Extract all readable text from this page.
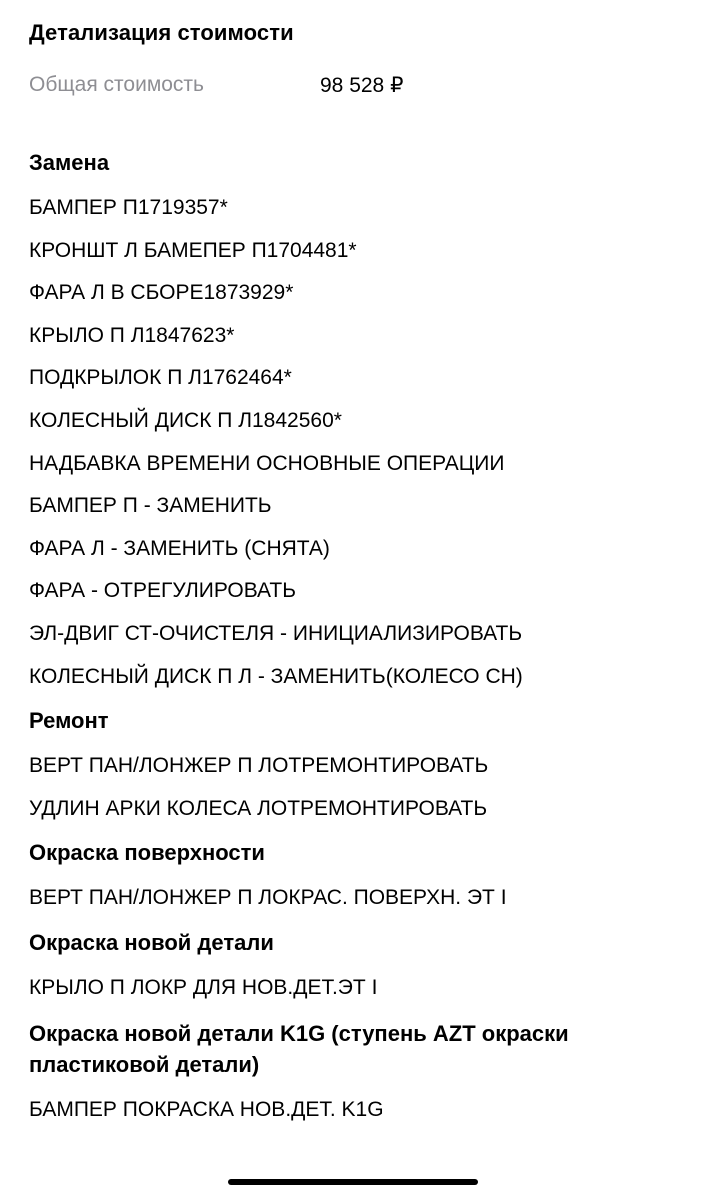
Детализация стоимости
Общая стоимость	98 528 ₽
Замена
БАМПЕР П1719357*
КРОНШТ Л БАМЕПЕР П1704481*
ФАРА Л В СБОРЕ1873929*
КРЫЛО П Л1847623*
ПОДКРЫЛОК П Л1762464*
КОЛЕСНЫЙ ДИСК П Л1842560*
НАДБАВКА ВРЕМЕНИ ОСНОВНЫЕ ОПЕРАЦИИ
БАМПЕР П - ЗАМЕНИТЬ
ФАРА Л - ЗАМЕНИТЬ (СНЯТА)
ФАРА - ОТРЕГУЛИРОВАТЬ
ЭЛ-ДВИГ СТ-ОЧИСТЕЛЯ - ИНИЦИАЛИЗИРОВАТЬ
КОЛЕСНЫЙ ДИСК П Л - ЗАМЕНИТЬ(КОЛЕСО СН)
Ремонт
ВЕРТ ПАН/ЛОНЖЕР П ЛОТРЕМОНТИРОВАТЬ
УДЛИН АРКИ КОЛЕСА ЛОТРЕМОНТИРОВАТЬ
Окраска поверхности
ВЕРТ ПАН/ЛОНЖЕР П ЛОКРАС. ПОВЕРХН. ЭТ I
Окраска новой детали
КРЫЛО П ЛОКР ДЛЯ НОВ.ДЕТ.ЭТ I
Окраска новой детали K1G (ступень AZT окраски пластиковой детали)
БАМПЕР ПОКРАСКА НОВ.ДЕТ. K1G
